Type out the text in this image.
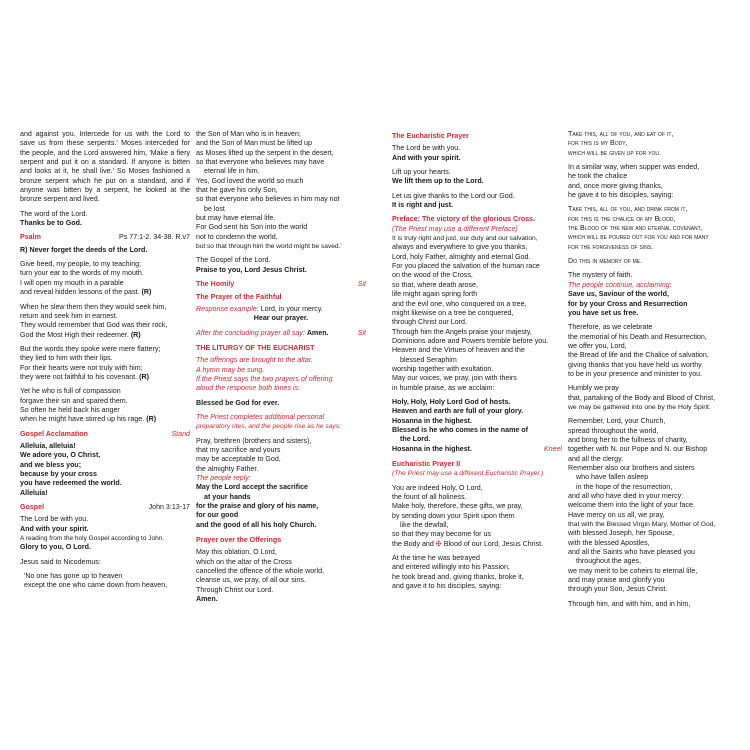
and against you. Intercede for us with the Lord to save us from these serpents.' Moses interceded for the people, and the Lord answered him, 'Make a fiery serpent and put it on a standard. If anyone is bitten and looks at it, he shall live.' So Moses fashioned a bronze serpent which he put on a standard, and if anyone was bitten by a serpent, he looked at the bronze serpent and lived.

The word of the Lord.

Thanks be to God.

Psalm	Ps 77:1-2. 34-38. R.v7

R) Never forget the deeds of the Lord.

Give heed, my people, to my teaching;
turn your ear to the words of my mouth.
I will open my mouth in a parable
and reveal hidden lessons of the past. (R)

When he slew them then they would seek him,
return and seek him in earnest.
They would remember that God was their rock,
God the Most High their redeemer. (R)

But the words they spoke were mere flattery;
they lied to him with their lips.
For their hearts were not truly with him;
they were not faithful to his covenant. (R)

Yet he who is full of compassion
forgave their sin and spared them.
So often he held back his anger
when he might have stirred up his rage. (R)

Gospel Acclamation	Stand

Alleluia, alleluia!
We adore you, O Christ,
and we bless you;
because by your cross
you have redeemed the world.
Alleluia!

Gospel	John 3:13-17

The Lord be with you.
And with your spirit.
A reading from the holy Gospel according to John.
Glory to you, O Lord.

Jesus said to Nicodemus:

'No one has gone up to heaven
except the one who came down from heaven,

the Son of Man who is in heaven;
and the Son of Man must be lifted up
as Moses lifted up the serpent in the desert,
so that everyone who believes may have
eternal life in him.
Yes, God loved the world so much
that he gave his only Son,
so that everyone who believes in him may not
be lost
but may have eternal life.
For God sent his Son into the world
not to condemn the world,
but so that through him the world might be saved.'

The Gospel of the Lord.

Praise to you, Lord Jesus Christ.

The Homily	Sit
The Prayer of the Faithful

Response example: Lord, in your mercy.
Hear our prayer.

After the concluding prayer all say: Amen.	Sit

THE LITURGY OF THE EUCHARIST

The offerings are brought to the altar.
A hymn may be sung.
If the Priest says the two prayers of offering
aloud the response both times is:

Blessed be God for ever.

The Priest completes additional personal
preparatory rites, and the people rise as he says:

Pray, brethren (brothers and sisters),
that my sacrifice and yours
may be acceptable to God,
the almighty Father.
The people reply:
May the Lord accept the sacrifice
at your hands
for the praise and glory of his name,
for our good
and the good of all his holy Church.

Prayer over the Offerings

May this oblation, O Lord,
which on the altar of the Cross
cancelled the offence of the whole world,
cleanse us, we pray, of all our sins.
Through Christ our Lord.
Amen.

The Eucharistic Prayer

The Lord be with you.
And with your spirit.

Lift up your hearts.
We lift them up to the Lord.

Let us give thanks to the Lord our God.
It is right and just.

Preface: The victory of the glorious Cross.
(The Priest may use a different Preface)

It is truly right and just, our duty and our salvation,
always and everywhere to give you thanks,
Lord, holy Father, almighty and eternal God.
For you placed the salvation of the human race
on the wood of the Cross,
so that, where death arose,
life might again spring forth
and the evil one, who conquered on a tree,
might likewise on a tree be conquered,
through Christ our Lord.
Through him the Angels praise your majesty,
Dominions adore and Powers tremble before you.
Heaven and the Virtues of heaven and the
blessed Seraphim
worship together with exultation.
May our voices, we pray, join with theirs
in humble praise, as we acclaim:

Holy, Holy, Holy Lord God of hosts.
Heaven and earth are full of your glory.
Hosanna in the highest.
Blessed is he who comes in the name of
the Lord.
Hosanna in the highest.	Kneel

Eucharistic Prayer II

(The Priest may use a different Eucharistic Prayer.)

You are indeed Holy, O Lord,
the fount of all holiness.
Make holy, therefore, these gifts, we pray,
by sending down your Spirit upon them
like the dewfall,
so that they may become for us
the Body and ✠ Blood of our Lord, Jesus Christ.

At the time he was betrayed
and entered willingly into his Passion,
he took bread and, giving thanks, broke it,
and gave it to his disciples, saying:

Take this, all of you, and eat of it,
for this is my Body,
which will be given up for you.

In a similar way, when supper was ended,
he took the chalice
and, once more giving thanks,
he gave it to his disciples, saying:

Take this, all of you, and drink from it,
for this is the chalice of my Blood,
the Blood of the new and eternal covenant,
which will be poured out for you and for many
for the forgiveness of sins.

Do this in memory of me.

The mystery of faith.
The people continue, acclaiming:
Save us, Saviour of the world,
for by your Cross and Resurrection
you have set us free.

Therefore, as we celebrate
the memorial of his Death and Resurrection,
we offer you, Lord,
the Bread of life and the Chalice of salvation,
giving thanks that you have held us worthy
to be in your presence and minister to you.

Humbly we pray
that, partaking of the Body and Blood of Christ,
we may be gathered into one by the Holy Spirit.

Remember, Lord, your Church,
spread throughout the world,
and bring her to the fullness of charity,
together with N. our Pope and N. our Bishop
and all the clergy.
Remember also our brothers and sisters
who have fallen asleep
in the hope of the resurrection,
and all who have died in your mercy:
welcome them into the light of your face.
Have mercy on us all, we pray,
that with the Blessed Virgin Mary, Mother of God,
with blessed Joseph, her Spouse,
with the blessed Apostles,
and all the Saints who have pleased you
throughout the ages,
we may merit to be coheirs to eternal life,
and may praise and glorify you
through your Son, Jesus Christ.

Through him, and with him, and in him,
